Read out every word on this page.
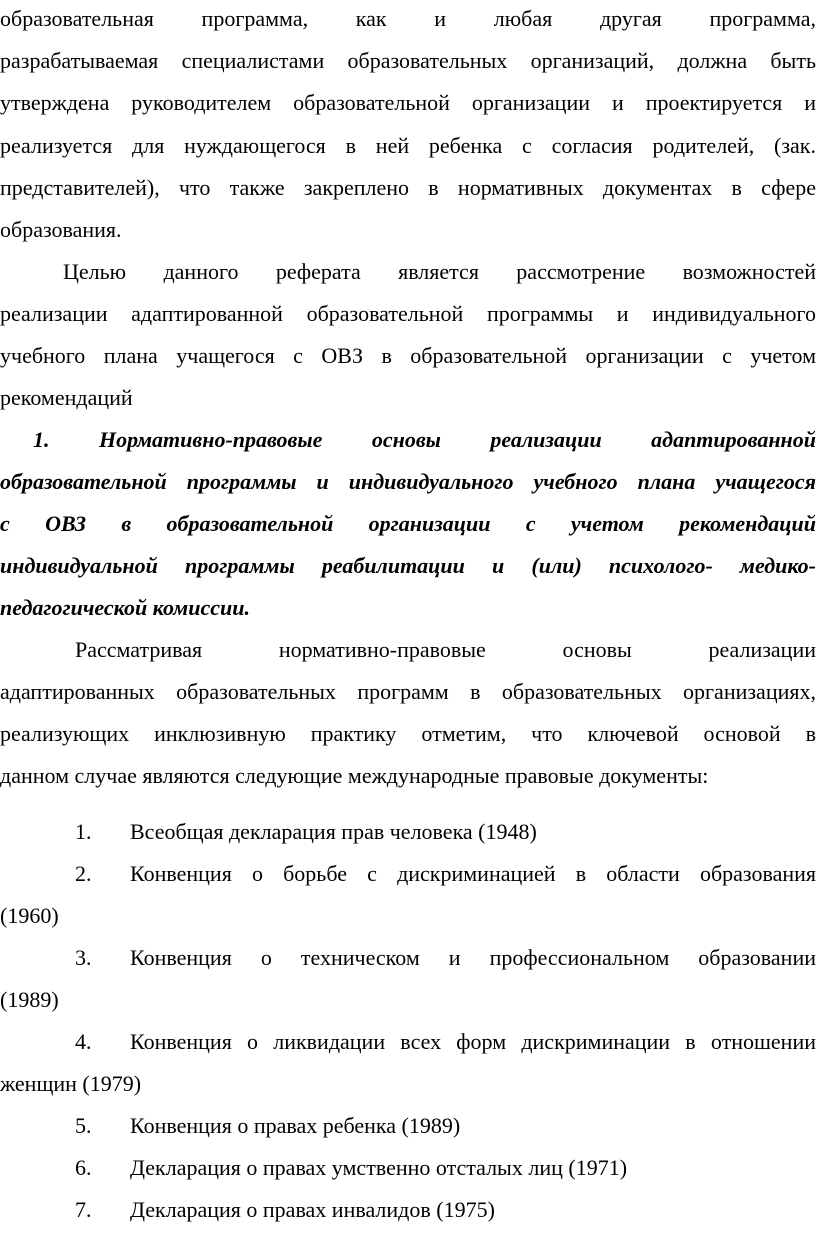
образовательная программа, как и любая другая программа,
разрабатываемая специалистами образовательных организаций, должна быть
утверждена руководителем образовательной организации и проектируется и
реализуется для нуждающегося в ней ребенка с согласия родителей, (зак.
представителей), что также закреплено в нормативных документах в сфере
образования.
Целью данного реферата является рассмотрение возможностей
реализации адаптированной образовательной программы и индивидуального
учебного плана учащегося с ОВЗ в образовательной организации с учетом
рекомендаций
1. Нормативно-правовые основы реализации адаптированной
образовательной программы и индивидуального учебного плана учащегося
с ОВЗ в образовательной организации с учетом рекомендаций
индивидуальной программы реабилитации и (или) психолого- медико-
педагогической комиссии.
Рассматривая нормативно-правовые основы реализации
адаптированных образовательных программ в образовательных организациях,
реализующих инклюзивную практику отметим, что ключевой основой в
данном случае являются следующие международные правовые документы:
1. Всеобщая декларация прав человека (1948)
2. Конвенция о борьбе с дискриминацией в области образования
(1960)
3. Конвенция о техническом и профессиональном образовании
(1989)
4. Конвенция о ликвидации всех форм дискриминации в отношении
женщин (1979)
5. Конвенция о правах ребенка (1989)
6. Декларация о правах умственно отсталых лиц (1971)
7. Декларация о правах инвалидов (1975)
